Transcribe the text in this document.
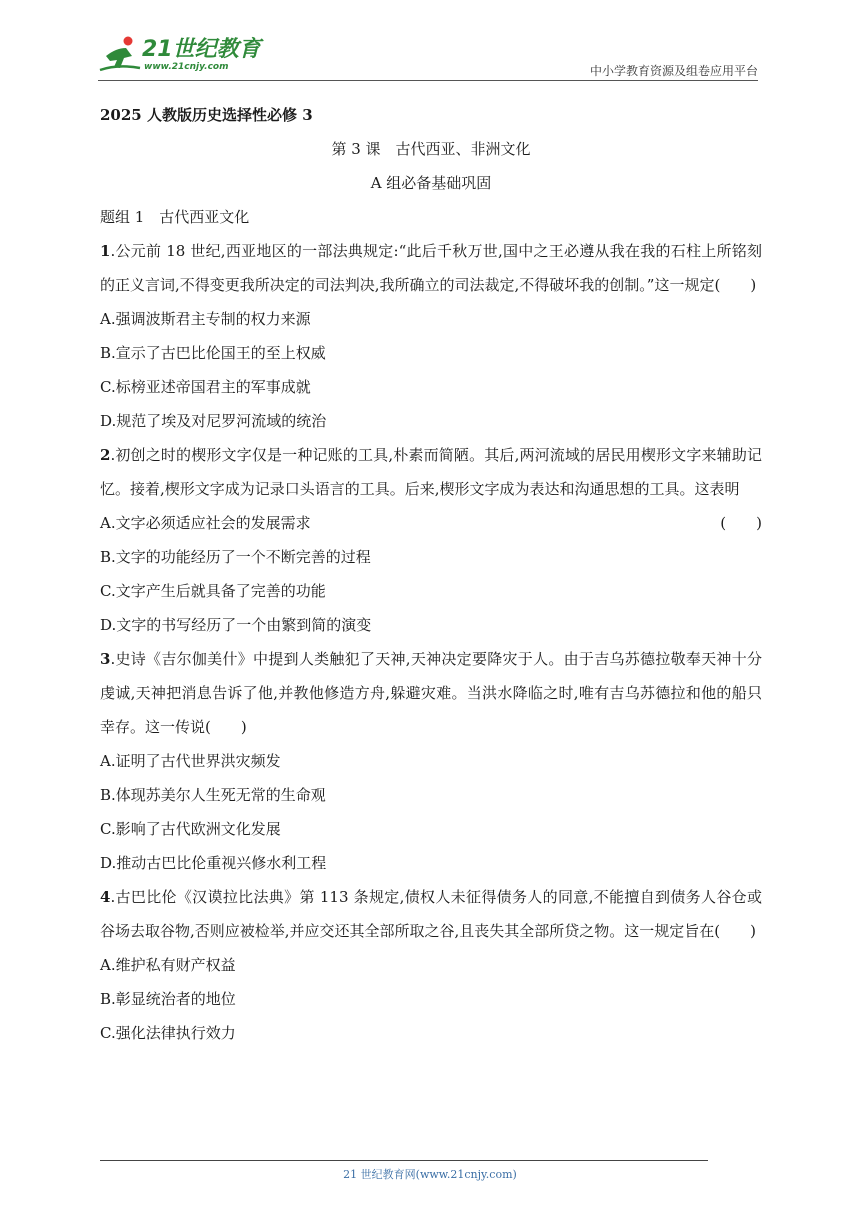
21世纪教育
www.21cnjy.com	中小学教育资源及组卷应用平台

2025 人教版历史选择性必修 3

第 3 课　古代西亚、非洲文化

A 组必备基础巩固

题组 1　古代西亚文化

1.公元前 18 世纪,西亚地区的一部法典规定:“此后千秋万世,国中之王必遵从我在我的石柱上所铭刻的正义言词,不得变更我所决定的司法判决,我所确立的司法裁定,不得破坏我的创制。”这一规定(　　)

A.强调波斯君主专制的权力来源

B.宣示了古巴比伦国王的至上权威

C.标榜亚述帝国君主的军事成就

D.规范了埃及对尼罗河流域的统治

2.初创之时的楔形文字仅是一种记账的工具,朴素而简陋。其后,两河流域的居民用楔形文字来辅助记忆。接着,楔形文字成为记录口头语言的工具。后来,楔形文字成为表达和沟通思想的工具。这表明
(　　)

A.文字必须适应社会的发展需求

B.文字的功能经历了一个不断完善的过程

C.文字产生后就具备了完善的功能

D.文字的书写经历了一个由繁到简的演变

3.史诗《吉尔伽美什》中提到人类触犯了天神,天神决定要降灾于人。由于吉乌苏德拉敬奉天神十分虔诚,天神把消息告诉了他,并教他修造方舟,躲避灾难。当洪水降临之时,唯有吉乌苏德拉和他的船只幸存。这一传说(　　)

A.证明了古代世界洪灾频发

B.体现苏美尔人生死无常的生命观

C.影响了古代欧洲文化发展

D.推动古巴比伦重视兴修水利工程

4.古巴比伦《汉谟拉比法典》第 113 条规定,债权人未征得债务人的同意,不能擅自到债务人谷仓或谷场去取谷物,否则应被检举,并应交还其全部所取之谷,且丧失其全部所贷之物。这一规定旨在(　　)

A.维护私有财产权益

B.彰显统治者的地位

C.强化法律执行效力

21 世纪教育网(www.21cnjy.com)
